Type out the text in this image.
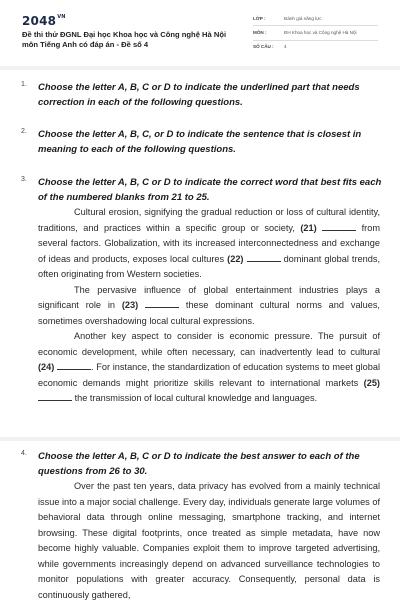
$2048^{VN}$
Đề thi thử ĐGNL Đại học Khoa học và Công nghệ Hà Nội môn Tiếng Anh có đáp án - Đề số 4
LỚP :	Đánh giá năng lực
MÔN :	ĐH Khoa học và Công nghệ Hà Nội
SỐ CÂU : 4
1. Choose the letter A, B, C or D to indicate the underlined part that needs correction in each of the following questions.
2. Choose the letter A, B, C, or D to indicate the sentence that is closest in meaning to each of the following questions.
3. Choose the letter A, B, C or D to indicate the correct word that best fits each of the numbered blanks from 21 to 25.

Cultural erosion, signifying the gradual reduction or loss of cultural identity, traditions, and practices within a specific group or society, (21)	from several factors. Globalization, with its increased interconnectedness and exchange of ideas and products, exposes local cultures (22)	dominant global trends, often originating from Western societies.

The pervasive influence of global entertainment industries plays a significant role in (23)	these dominant cultural norms and values, sometimes overshadowing local cultural expressions.

Another key aspect to consider is economic pressure. The pursuit of economic development, while often necessary, can inadvertently lead to cultural (24)	. For instance, the standardization of education systems to meet global economic demands might prioritize skills relevant to international markets (25)  the transmission of local cultural knowledge and languages.

4. Choose the letter A, B, C or D to indicate the best answer to each of the questions from 26 to 30.

Over the past ten years, data privacy has evolved from a mainly technical issue into a major social challenge. Every day, individuals generate large volumes of behavioral data through online messaging, smartphone tracking, and internet browsing. These digital footprints, once treated as simple metadata, have now become highly valuable. Companies exploit them to improve targeted advertising, while governments increasingly depend on advanced surveillance technologies to monitor populations with greater accuracy. Consequently, personal data is continuously gathered,
